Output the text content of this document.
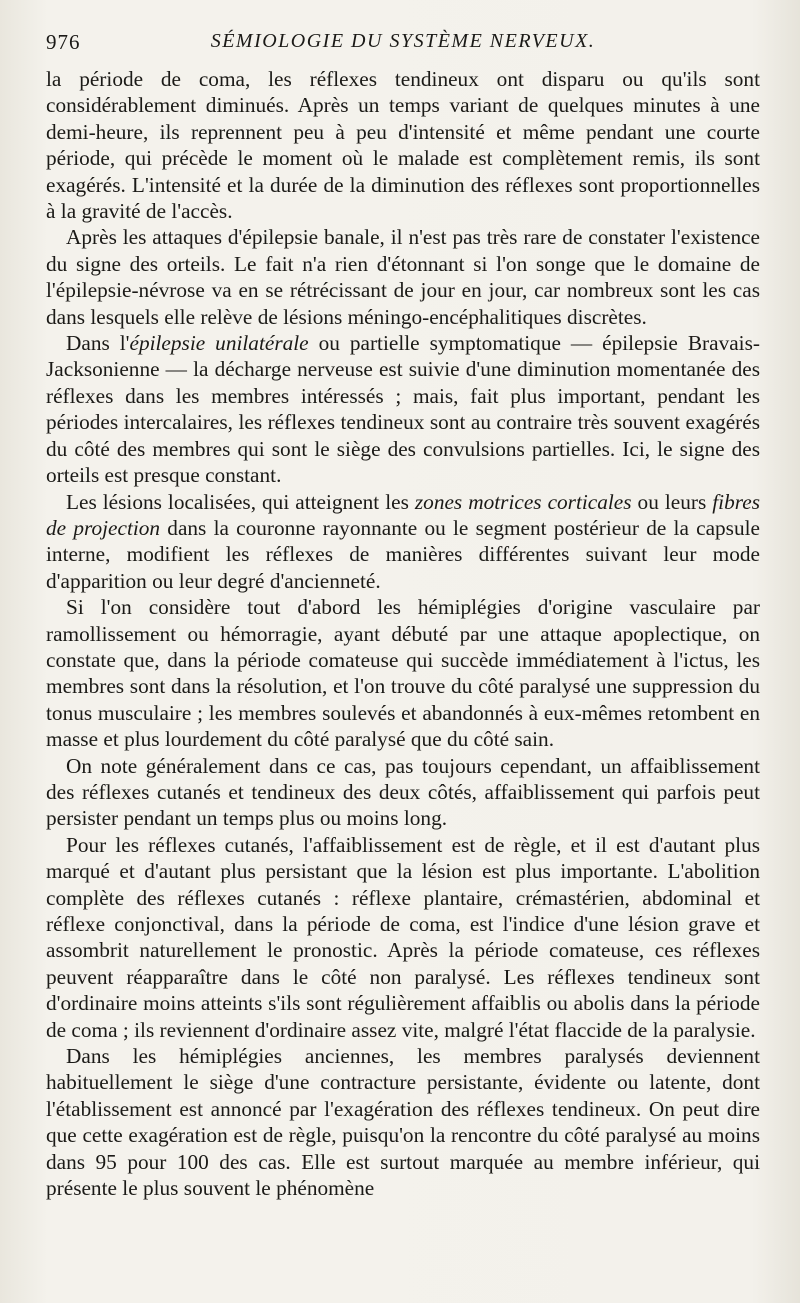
976	SÉMIOLOGIE DU SYSTÈME NERVEUX.

la période de coma, les réflexes tendineux ont disparu ou qu'ils sont considérablement diminués. Après un temps variant de quelques minutes à une demi-heure, ils reprennent peu à peu d'intensité et même pendant une courte période, qui précède le moment où le malade est complètement remis, ils sont exagérés. L'intensité et la durée de la diminution des réflexes sont proportionnelles à la gravité de l'accès.

Après les attaques d'épilepsie banale, il n'est pas très rare de constater l'existence du signe des orteils. Le fait n'a rien d'étonnant si l'on songe que le domaine de l'épilepsie-névrose va en se rétrécissant de jour en jour, car nombreux sont les cas dans lesquels elle relève de lésions méningo-encéphalitiques discrètes.

Dans l'épilepsie unilatérale ou partielle symptomatique — épilepsie Bravais-Jacksonienne — la décharge nerveuse est suivie d'une diminution momentanée des réflexes dans les membres intéressés ; mais, fait plus important, pendant les périodes intercalaires, les réflexes tendineux sont au contraire très souvent exagérés du côté des membres qui sont le siège des convulsions partielles. Ici, le signe des orteils est presque constant.

Les lésions localisées, qui atteignent les zones motrices corticales ou leurs fibres de projection dans la couronne rayonnante ou le segment postérieur de la capsule interne, modifient les réflexes de manières différentes suivant leur mode d'apparition ou leur degré d'ancienneté.

Si l'on considère tout d'abord les hémiplégies d'origine vasculaire par ramollissement ou hémorragie, ayant débuté par une attaque apoplectique, on constate que, dans la période comateuse qui succède immédiatement à l'ictus, les membres sont dans la résolution, et l'on trouve du côté paralysé une suppression du tonus musculaire ; les membres soulevés et abandonnés à eux-mêmes retombent en masse et plus lourdement du côté paralysé que du côté sain.

On note généralement dans ce cas, pas toujours cependant, un affaiblissement des réflexes cutanés et tendineux des deux côtés, affaiblissement qui parfois peut persister pendant un temps plus ou moins long.

Pour les réflexes cutanés, l'affaiblissement est de règle, et il est d'autant plus marqué et d'autant plus persistant que la lésion est plus importante. L'abolition complète des réflexes cutanés : réflexe plantaire, crémastérien, abdominal et réflexe conjonctival, dans la période de coma, est l'indice d'une lésion grave et assombrit naturellement le pronostic. Après la période comateuse, ces réflexes peuvent réapparaître dans le côté non paralysé. Les réflexes tendineux sont d'ordinaire moins atteints s'ils sont régulièrement affaiblis ou abolis dans la période de coma ; ils reviennent d'ordinaire assez vite, malgré l'état flaccide de la paralysie.

Dans les hémiplégies anciennes, les membres paralysés deviennent habituellement le siège d'une contracture persistante, évidente ou latente, dont l'établissement est annoncé par l'exagération des réflexes tendineux. On peut dire que cette exagération est de règle, puisqu'on la rencontre du côté paralysé au moins dans 95 pour 100 des cas. Elle est surtout marquée au membre inférieur, qui présente le plus souvent le phénomène
